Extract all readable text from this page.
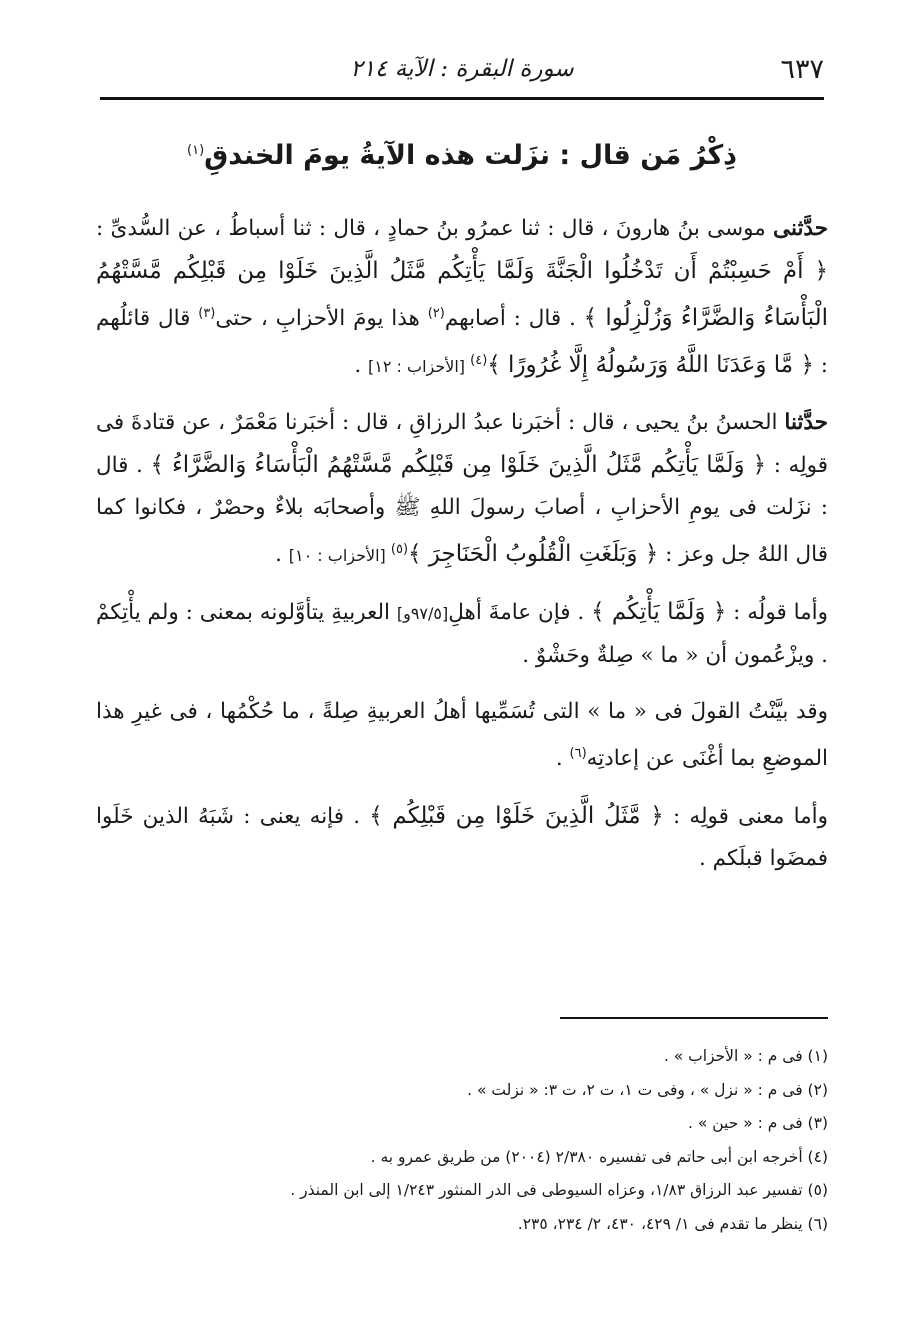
٦٣٧
سورة البقرة : الآية ٢١٤
ذِكْرُ مَن قال : نزَلت هذه الآيةُ يومَ الخندقِ$^{(١)}$

حدَّثنى موسى بنُ هارونَ ، قال : ثنا عمرُو بنُ حمادٍ ، قال : ثنا أسباطُ ، عن السُّدىِّ : ﴿ أَمْ حَسِبْتُمْ أَن تَدْخُلُوا الْجَنَّةَ وَلَمَّا يَأْتِكُم مَّثَلُ الَّذِينَ خَلَوْا مِن قَبْلِكُم مَّسَّتْهُمُ الْبَأْسَاءُ وَالضَّرَّاءُ وَزُلْزِلُوا ﴾ . قال : أصابهم$^{(٢)}$ هذا يومَ الأحزابِ ، حتى$^{(٣)}$ قال قائلُهم : ﴿ مَّا وَعَدَنَا اللَّهُ وَرَسُولُهُ إِلَّا غُرُورًا ﴾$^{(٤)}$ [الأحزاب : ١٢] .

حدَّثنا الحسنُ بنُ يحيى ، قال : أخبَرنا عبدُ الرزاقِ ، قال : أخبَرنا مَعْمَرٌ ، عن قتادةَ فى قولِه : ﴿ وَلَمَّا يَأْتِكُم مَّثَلُ الَّذِينَ خَلَوْا مِن قَبْلِكُم مَّسَّتْهُمُ الْبَأْسَاءُ وَالضَّرَّاءُ ﴾ . قال : نزَلت فى يومِ الأحزابِ ، أصابَ رسولَ اللهِ ﷺ وأصحابَه بلاءٌ وحصْرٌ ، فكانوا كما قال اللهُ جل وعز : ﴿ وَبَلَغَتِ الْقُلُوبُ الْحَنَاجِرَ ﴾$^{(٥)}$ [الأحزاب : ١٠] .

وأما قولُه : ﴿ وَلَمَّا يَأْتِكُم ﴾ . فإن عامةَ أهلِ[٩٧/٥و] العربيةِ يتأوَّلونه بمعنى : ولم يأْتِكمْ . ويزْعُمون أن « ما » صِلةٌ وحَشْوٌ .

وقد بيَّنْتُ القولَ فى « ما » التى تُسَمِّيها أهلُ العربيةِ صِلةً ، ما حُكْمُها ، فى غيرِ هذا الموضعِ بما أغْنَى عن إعادتِه$^{(٦)}$ .

وأما معنى قولِه : ﴿ مَّثَلُ الَّذِينَ خَلَوْا مِن قَبْلِكُم ﴾ . فإنه يعنى : شَبَهُ الذين خَلَوا فمضَوا قبلَكم .

(١) فى م : « الأحزاب » .

(٢) فى م : « نزل » ، وفى ت ١، ت ٢، ت ٣: « نزلت » .

(٣) فى م : « حين » .

(٤) أخرجه ابن أبى حاتم فى تفسيره ٢/٣٨٠ (٢٠٠٤) من طريق عمرو به .

(٥) تفسير عبد الرزاق ١/٨٣، وعزاه السيوطى فى الدر المنثور ١/٢٤٣ إلى ابن المنذر .

(٦) ينظر ما تقدم فى ١/ ٤٢٩، ٤٣٠، ٢/ ٢٣٤، ٢٣٥.
